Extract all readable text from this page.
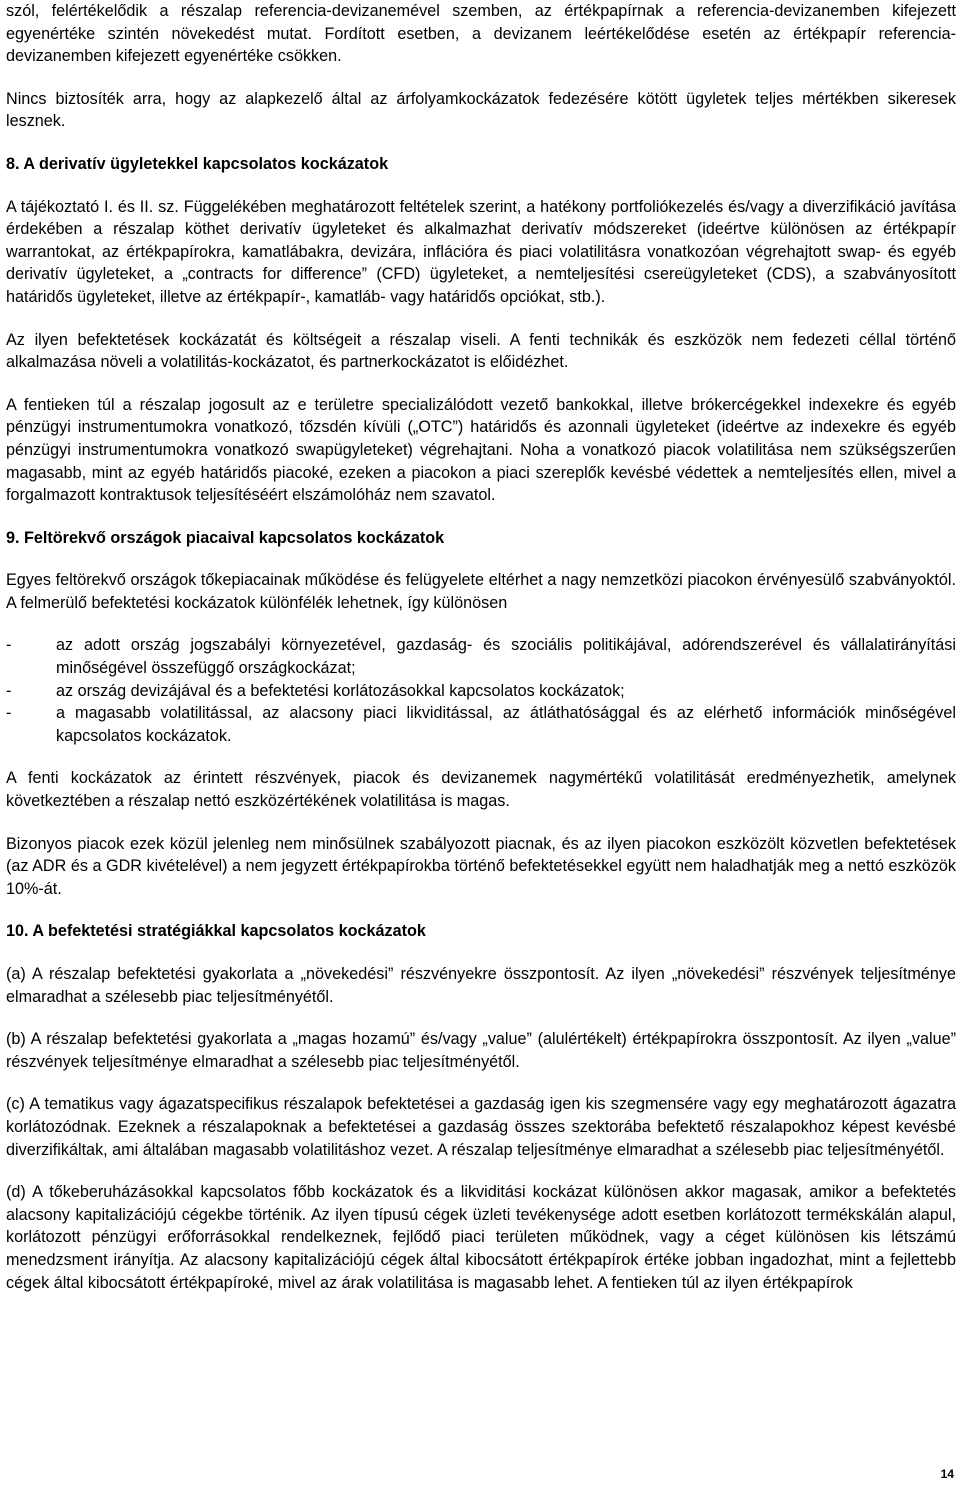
szól, felértékelődik a részalap referencia-devizanemével szemben, az értékpapírnak a referencia-devizanemben kifejezett egyenértéke szintén növekedést mutat. Fordított esetben, a devizanem leértékelődése esetén az értékpapír referencia-devizanemben kifejezett egyenértéke csökken.

Nincs biztosíték arra, hogy az alapkezelő által az árfolyamkockázatok fedezésére kötött ügyletek teljes mértékben sikeresek lesznek.

8. A derivatív ügyletekkel kapcsolatos kockázatok

A tájékoztató I. és II. sz. Függelékében meghatározott feltételek szerint, a hatékony portfoliókezelés és/vagy a diverzifikáció javítása érdekében a részalap köthet derivatív ügyleteket és alkalmazhat derivatív módszereket (ideértve különösen az értékpapír warrantokat, az értékpapírokra, kamatlábakra, devizára, inflációra és piaci volatilitásra vonatkozóan végrehajtott swap- és egyéb derivatív ügyleteket, a „contracts for difference” (CFD) ügyleteket, a nemteljesítési csereügyleteket (CDS), a szabványosított határidős ügyleteket, illetve az értékpapír-, kamatláb- vagy határidős opciókat, stb.).

Az ilyen befektetések kockázatát és költségeit a részalap viseli. A fenti technikák és eszközök nem fedezeti céllal történő alkalmazása növeli a volatilitás-kockázatot, és partnerkockázatot is előidézhet.

A fentieken túl a részalap jogosult az e területre specializálódott vezető bankokkal, illetve brókercégekkel indexekre és egyéb pénzügyi instrumentumokra vonatkozó, tőzsdén kívüli („OTC”) határidős és azonnali ügyleteket (ideértve az indexekre és egyéb pénzügyi instrumentumokra vonatkozó swapügyleteket) végrehajtani. Noha a vonatkozó piacok volatilitása nem szükségszerűen magasabb, mint az egyéb határidős piacoké, ezeken a piacokon a piaci szereplők kevésbé védettek a nemteljesítés ellen, mivel a forgalmazott kontraktusok teljesítéséért elszámolóház nem szavatol.

9. Feltörekvő országok piacaival kapcsolatos kockázatok

Egyes feltörekvő országok tőkepiacainak működése és felügyelete eltérhet a nagy nemzetközi piacokon érvényesülő szabványoktól. A felmerülő befektetési kockázatok különfélék lehetnek, így különösen

-	az adott ország jogszabályi környezetével, gazdaság- és szociális politikájával, adórendszerével és vállalatirányítási minőségével összefüggő országkockázat;
-	az ország devizájával és a befektetési korlátozásokkal kapcsolatos kockázatok;
-	a magasabb volatilitással, az alacsony piaci likviditással, az átláthatósággal és az elérhető információk minőségével kapcsolatos kockázatok.

A fenti kockázatok az érintett részvények, piacok és devizanemek nagymértékű volatilitását eredményezhetik, amelynek következtében a részalap nettó eszközértékének volatilitása is magas.

Bizonyos piacok ezek közül jelenleg nem minősülnek szabályozott piacnak, és az ilyen piacokon eszközölt közvetlen befektetések (az ADR és a GDR kivételével) a nem jegyzett értékpapírokba történő befektetésekkel együtt nem haladhatják meg a nettó eszközök 10%-át.

10. A befektetési stratégiákkal kapcsolatos kockázatok

(a) A részalap befektetési gyakorlata a „növekedési” részvényekre összpontosít. Az ilyen „növekedési” részvények teljesítménye elmaradhat a szélesebb piac teljesítményétől.

(b) A részalap befektetési gyakorlata a „magas hozamú” és/vagy „value” (alulértékelt) értékpapírokra összpontosít. Az ilyen „value” részvények teljesítménye elmaradhat a szélesebb piac teljesítményétől.

(c) A tematikus vagy ágazatspecifikus részalapok befektetései a gazdaság igen kis szegmensére vagy egy meghatározott ágazatra korlátozódnak. Ezeknek a részalapoknak a befektetései a gazdaság összes szektorába befektető részalapokhoz képest kevésbé diverzifikáltak, ami általában magasabb volatilitáshoz vezet. A részalap teljesítménye elmaradhat a szélesebb piac teljesítményétől.

(d) A tőkeberuházásokkal kapcsolatos főbb kockázatok és a likviditási kockázat különösen akkor magasak, amikor a befektetés alacsony kapitalizációjú cégekbe történik. Az ilyen típusú cégek üzleti tevékenysége adott esetben korlátozott termékskálán alapul, korlátozott pénzügyi erőforrásokkal rendelkeznek, fejlődő piaci területen működnek, vagy a céget különösen kis létszámú menedzsment irányítja. Az alacsony kapitalizációjú cégek által kibocsátott értékpapírok értéke jobban ingadozhat, mint a fejlettebb cégek által kibocsátott értékpapíroké, mivel az árak volatilitása is magasabb lehet. A fentieken túl az ilyen értékpapírok

14
